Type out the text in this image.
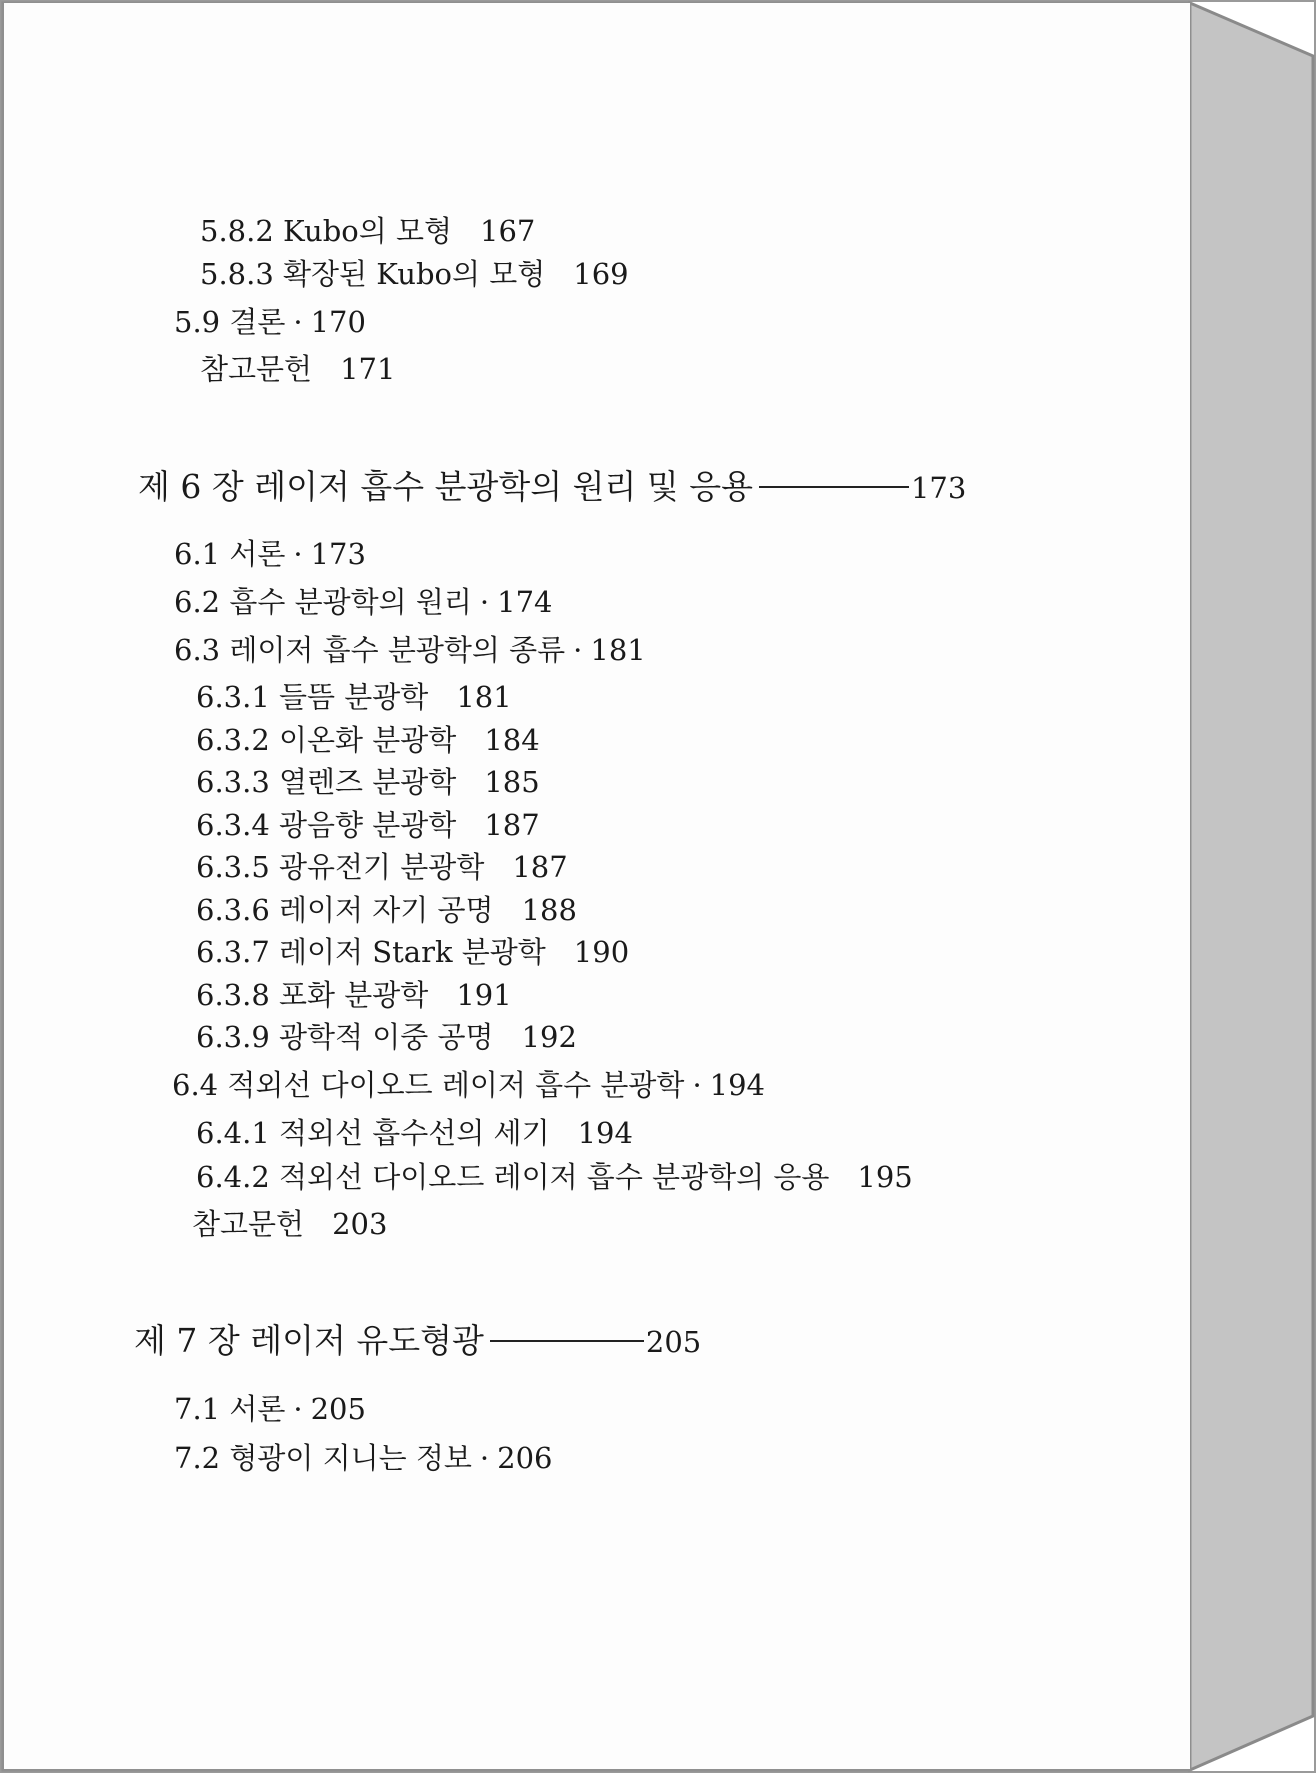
5.8.2 Kubo의 모형 167
5.8.3 확장된 Kubo의 모형 169
5.9 결론 · 170
참고문헌 171
제 6 장 레이저 흡수 분광학의 원리 및 응용	173
6.1 서론 · 173
6.2 흡수 분광학의 원리 · 174
6.3 레이저 흡수 분광학의 종류 · 181
6.3.1 들뜸 분광학 181
6.3.2 이온화 분광학 184
6.3.3 열렌즈 분광학 185
6.3.4 광음향 분광학 187
6.3.5 광유전기 분광학 187
6.3.6 레이저 자기 공명 188
6.3.7 레이저 Stark 분광학 190
6.3.8 포화 분광학 191
6.3.9 광학적 이중 공명 192
6.4 적외선 다이오드 레이저 흡수 분광학 · 194
6.4.1 적외선 흡수선의 세기 194
6.4.2 적외선 다이오드 레이저 흡수 분광학의 응용 195
참고문헌 203
제 7 장 레이저 유도형광	205
7.1 서론 · 205
7.2 형광이 지니는 정보 · 206
